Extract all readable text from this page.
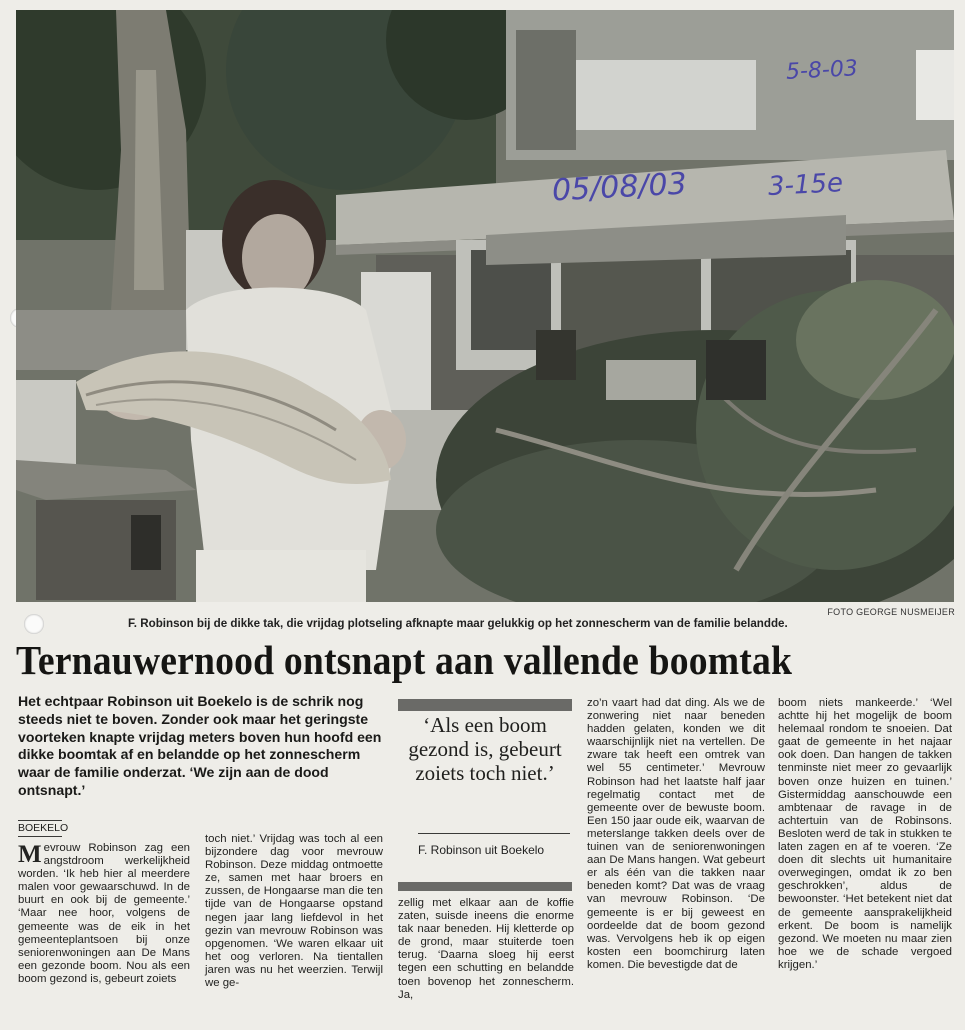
5-8-03
05/08/03	3-15e
FOTO GEORGE NUSMEIJER
F. Robinson bij de dikke tak, die vrijdag plotseling afknapte maar gelukkig op het zonnescherm van de familie belandde.
Ternauwernood ontsnapt aan vallende boomtak
Het echtpaar Robinson uit Boekelo is de schrik nog steeds niet te boven. Zonder ook maar het geringste voorteken knapte vrijdag meters boven hun hoofd een dikke boomtak af en belandde op het zonnescherm waar de familie onderzat. ‘We zijn aan de dood ontsnapt.’
BOEKELO
Mevrouw Robinson zag een angstdroom werkelijkheid worden. ‘Ik heb hier al meerdere malen voor gewaarschuwd. In de buurt en ook bij de gemeente.’ ‘Maar nee hoor, volgens de gemeente was de eik in het gemeenteplantsoen bij onze seniorenwoningen aan De Mans een gezonde boom. Nou als een boom gezond is, gebeurt zoiets
toch niet.’ Vrijdag was toch al een bijzondere dag voor mevrouw Robinson. Deze middag ontmoette ze, samen met haar broers en zussen, de Hongaarse man die ten tijde van de Hongaarse opstand negen jaar lang liefdevol in het gezin van mevrouw Robinson was opgenomen. ‘We waren elkaar uit het oog verloren. Na tientallen jaren was nu het weerzien. Terwijl we ge-
‘Als een boom gezond is, gebeurt zoiets toch niet.’
F. Robinson uit Boekelo
zellig met elkaar aan de koffie zaten, suisde ineens die enorme tak naar beneden. Hij kletterde op de grond, maar stuiterde toen terug. ‘Daarna sloeg hij eerst tegen een schutting en belandde toen bovenop het zonnescherm. Ja,
zo’n vaart had dat ding. Als we de zonwering niet naar beneden hadden gelaten, konden we dit waarschijnlijk niet na vertellen. De zware tak heeft een omtrek van wel 55 centimeter.’ Mevrouw Robinson had het laatste half jaar regelmatig contact met de gemeente over de bewuste boom. Een 150 jaar oude eik, waarvan de meterslange takken deels over de tuinen van de seniorenwoningen aan De Mans hangen. Wat gebeurt er als één van die takken naar beneden komt? Dat was de vraag van mevrouw Robinson. ‘De gemeente is er bij geweest en oordeelde dat de boom gezond was. Vervolgens heb ik op eigen kosten een boomchirurg laten komen. Die bevestigde dat de
boom niets mankeerde.’ ‘Wel achtte hij het mogelijk de boom helemaal rondom te snoeien. Dat gaat de gemeente in het najaar ook doen. Dan hangen de takken tenminste niet meer zo gevaarlijk boven onze huizen en tuinen.’ Gistermiddag aanschouwde een ambtenaar de ravage in de achtertuin van de Robinsons. Besloten werd de tak in stukken te laten zagen en af te voeren. ‘Ze doen dit slechts uit humanitaire overwegingen, omdat ik zo ben geschrokken’, aldus de bewoonster. ‘Het betekent niet dat de gemeente aansprakelijkheid erkent. De boom is namelijk gezond. We moeten nu maar zien hoe we de schade vergoed krijgen.’
